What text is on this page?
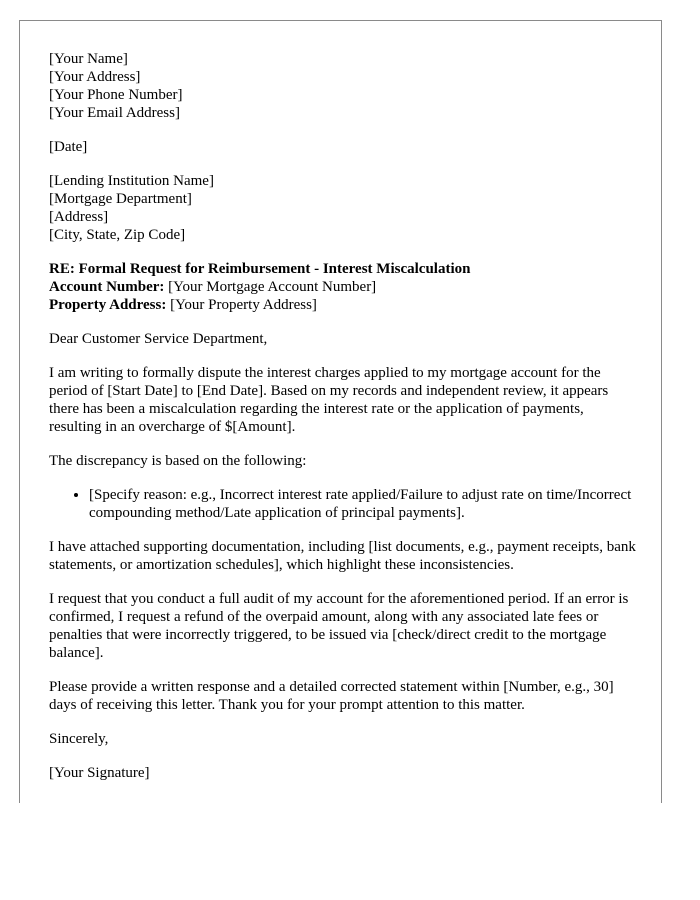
[Your Name]
[Your Address]
[Your Phone Number]
[Your Email Address]
[Date]
[Lending Institution Name]
[Mortgage Department]
[Address]
[City, State, Zip Code]
RE: Formal Request for Reimbursement - Interest Miscalculation
Account Number: [Your Mortgage Account Number]
Property Address: [Your Property Address]

Dear Customer Service Department,

I am writing to formally dispute the interest charges applied to my mortgage account for the period of [Start Date] to [End Date]. Based on my records and independent review, it appears there has been a miscalculation regarding the interest rate or the application of payments, resulting in an overcharge of $[Amount].

The discrepancy is based on the following:

• [Specify reason: e.g., Incorrect interest rate applied/Failure to adjust rate on time/Incorrect compounding method/Late application of principal payments].

I have attached supporting documentation, including [list documents, e.g., payment receipts, bank statements, or amortization schedules], which highlight these inconsistencies.

I request that you conduct a full audit of my account for the aforementioned period. If an error is confirmed, I request a refund of the overpaid amount, along with any associated late fees or penalties that were incorrectly triggered, to be issued via [check/direct credit to the mortgage balance].

Please provide a written response and a detailed corrected statement within [Number, e.g., 30] days of receiving this letter. Thank you for your prompt attention to this matter.

Sincerely,

[Your Signature]
